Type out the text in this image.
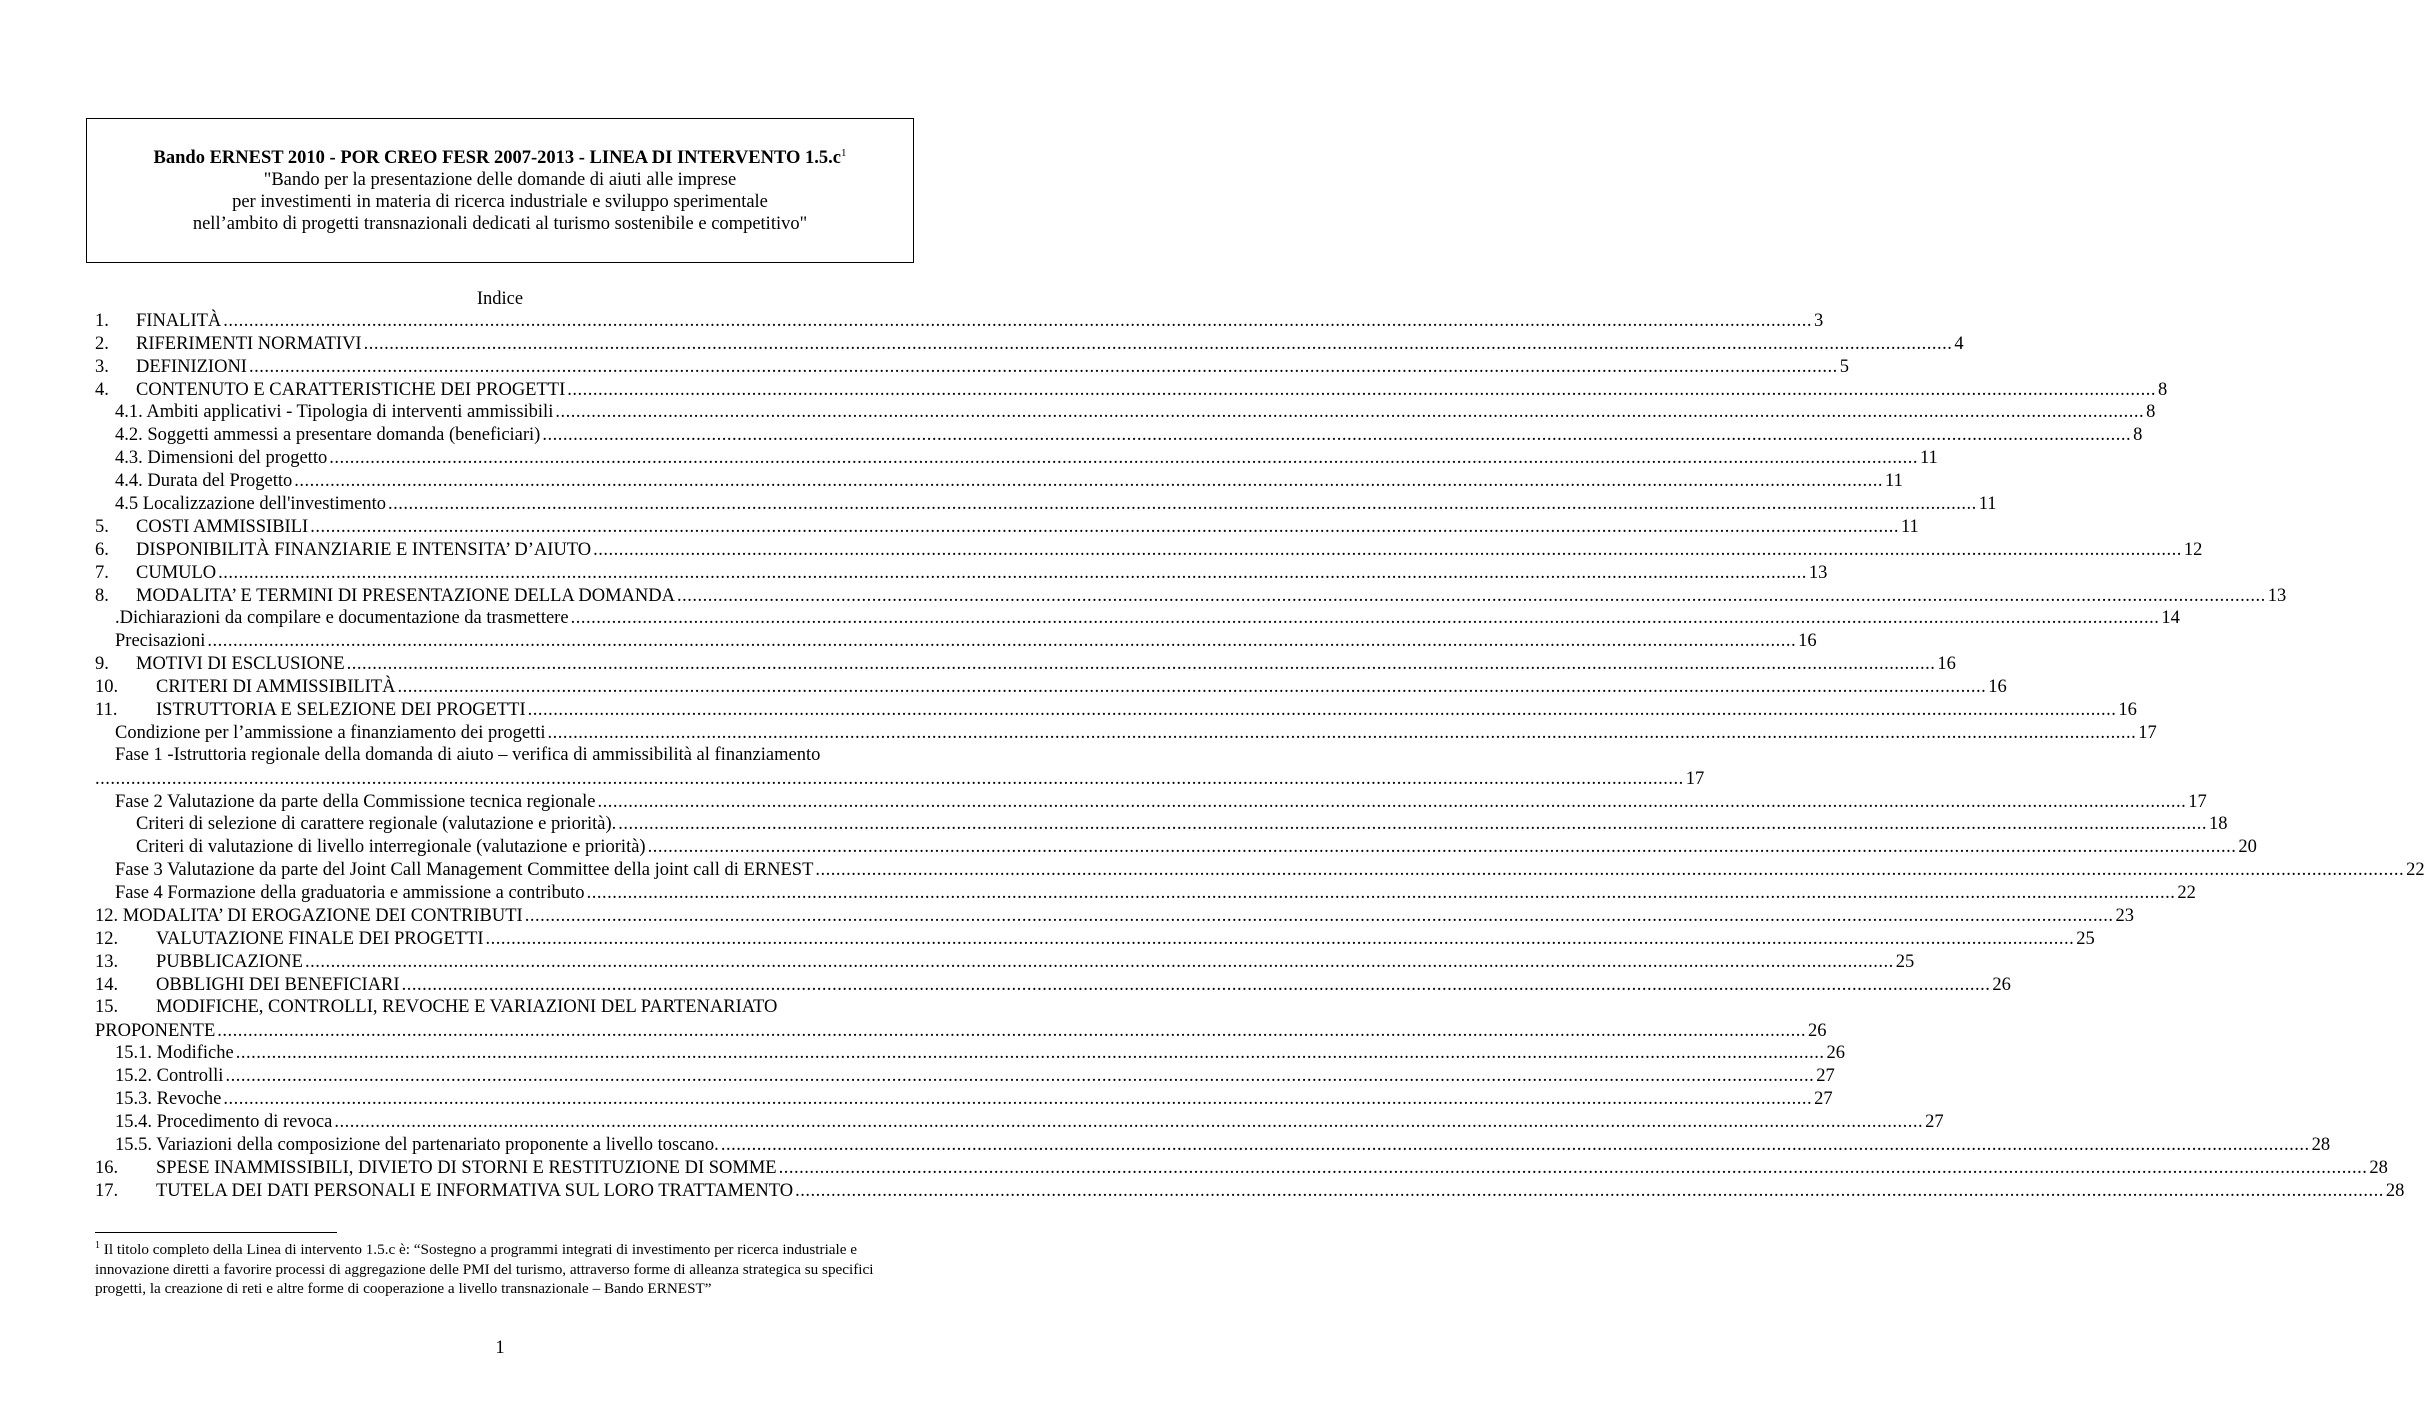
Bando ERNEST 2010 - POR CREO FESR 2007-2013 - LINEA DI INTERVENTO $1.5.c^1$
"Bando per la presentazione delle domande di aiuti alle imprese
per investimenti in materia di ricerca industriale e sviluppo sperimentale
nell’ambito di progetti transnazionali dedicati al turismo sostenibile e competitivo"
Indice
1.	FINALITÀ .....	3
2.	RIFERIMENTI NORMATIVI .....	4
3.	DEFINIZIONI .....	5
4.	CONTENUTO E CARATTERISTICHE DEI PROGETTI .....	8
4.1. Ambiti applicativi - Tipologia di interventi ammissibili .....	8
4.2. Soggetti ammessi a presentare domanda (beneficiari) .....	8
4.3. Dimensioni del progetto .....	11
4.4. Durata del Progetto .....	11
4.5 Localizzazione dell'investimento .....	11
5.	COSTI AMMISSIBILI .....	11
6.	DISPONIBILITÀ FINANZIARIE E INTENSITA’ D’AIUTO .....	12
7.	CUMULO .....	13
8.	MODALITA’ E TERMINI DI PRESENTAZIONE DELLA DOMANDA .....	13
.Dichiarazioni da compilare e documentazione da trasmettere .....	14
Precisazioni .....	16
9.	MOTIVI DI ESCLUSIONE .....	16
10.	CRITERI DI AMMISSIBILITÀ .....	16
11.	ISTRUTTORIA E SELEZIONE DEI PROGETTI .....	16
Condizione per l’ammissione a finanziamento dei progetti .....	17
Fase 1 -Istruttoria regionale della domanda di aiuto – verifica di ammissibilità al finanziamento
.....
17
Fase 2 Valutazione da parte della Commissione tecnica regionale .....	17
Criteri di selezione di carattere regionale (valutazione e priorità). .....	18
Criteri di valutazione di livello interregionale (valutazione e priorità) .....	20
Fase 3 Valutazione da parte del Joint Call Management Committee della joint call di ERNEST .....	22
Fase 4 Formazione della graduatoria e ammissione a contributo .....	22
12. MODALITA’ DI EROGAZIONE DEI CONTRIBUTI .....	23
12.	VALUTAZIONE FINALE DEI PROGETTI .....	25
13.	PUBBLICAZIONE .....	25
14.	OBBLIGHI DEI BENEFICIARI .....	26
15. MODIFICHE, CONTROLLI, REVOCHE E VARIAZIONI DEL PARTENARIATO
PROPONENTE .....	26
15.1. Modifiche .....	26
15.2. Controlli .....	27
15.3. Revoche .....	27
15.4. Procedimento di revoca .....	27
15.5. Variazioni della composizione del partenariato proponente a livello toscano. .....	28
16.	SPESE INAMMISSIBILI, DIVIETO DI STORNI E RESTITUZIONE DI SOMME .....	28
17.	TUTELA DEI DATI PERSONALI E INFORMATIVA SUL LORO TRATTAMENTO .....	28
$^1$ Il titolo completo della Linea di intervento 1.5.c è: “Sostegno a programmi integrati di investimento per ricerca industriale e innovazione diretti a favorire processi di aggregazione delle PMI del turismo, attraverso forme di alleanza strategica su specifici progetti, la creazione di reti e altre forme di cooperazione a livello transnazionale – Bando ERNEST”
1
